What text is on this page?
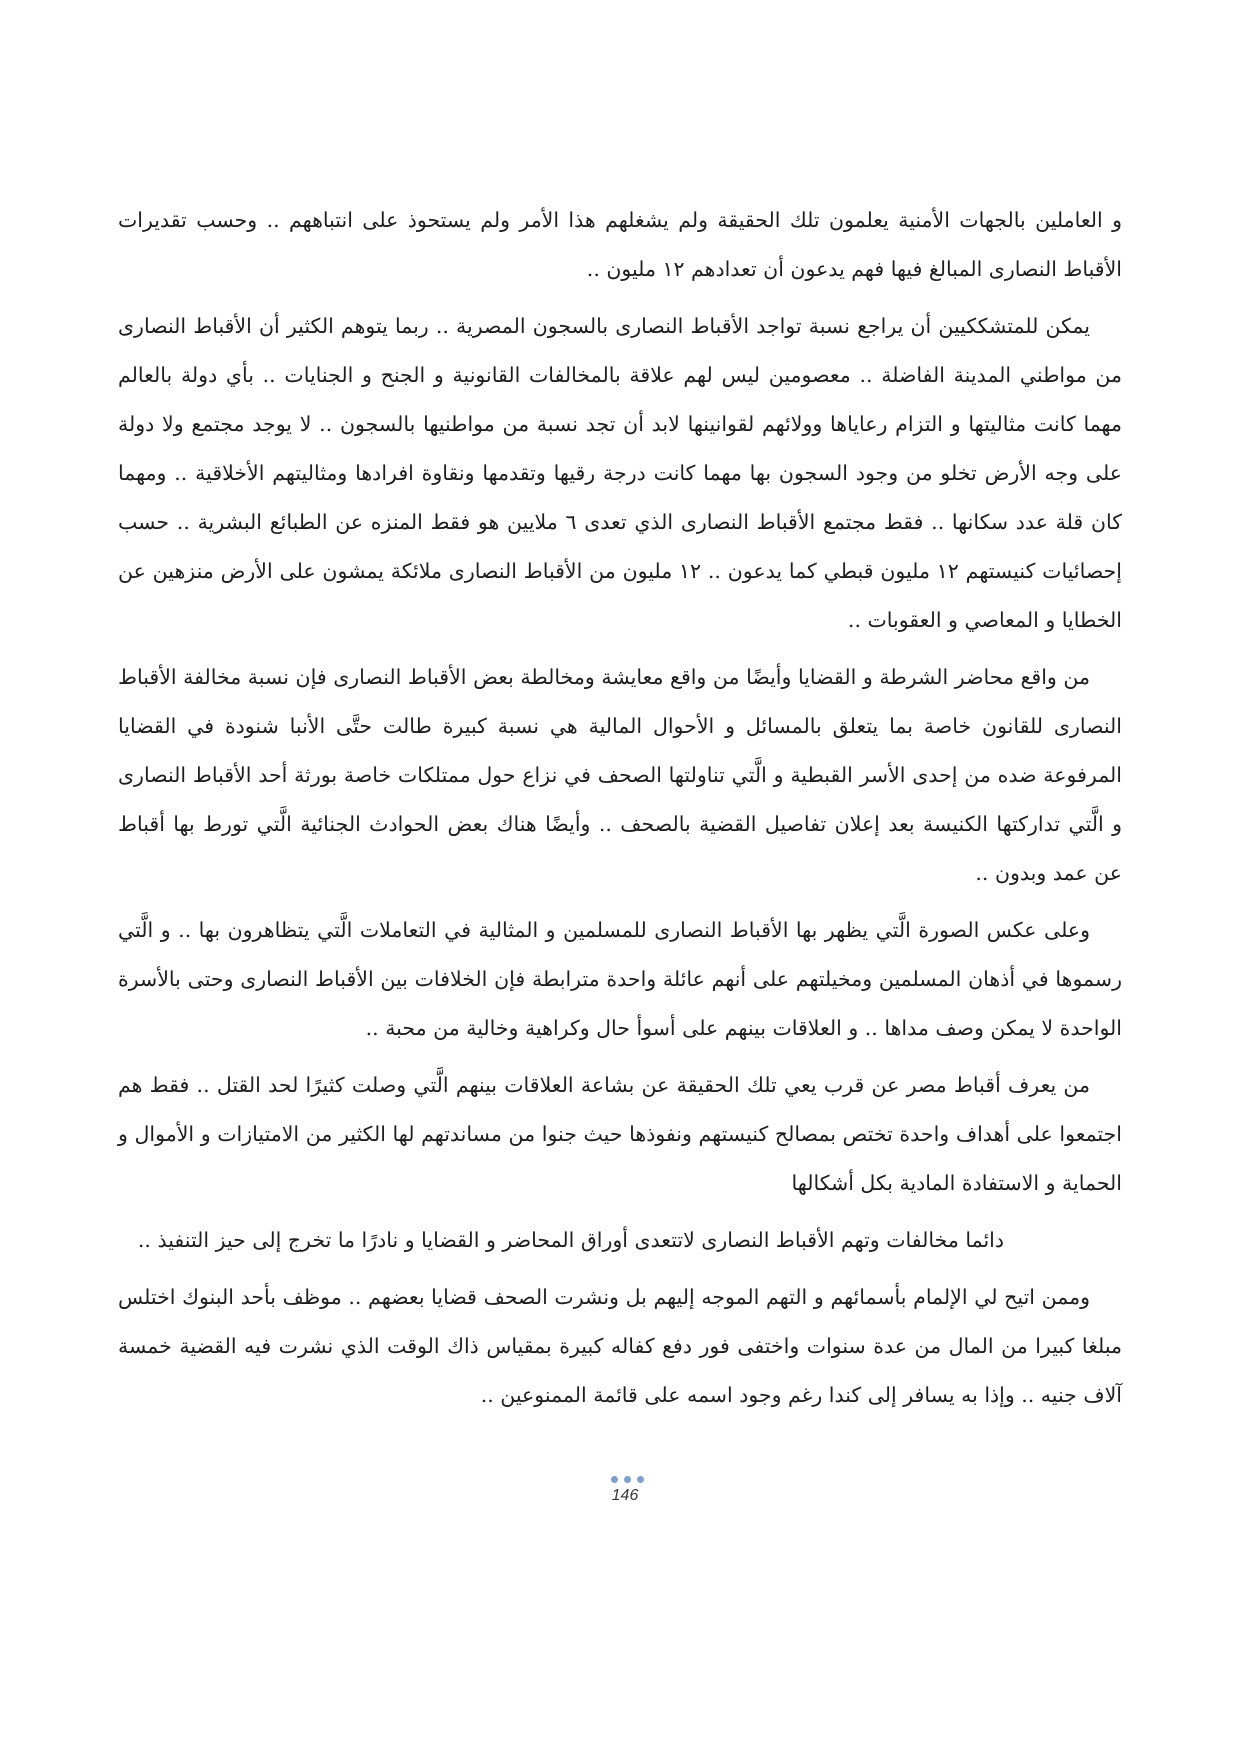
و العاملين بالجهات الأمنية يعلمون تلك الحقيقة ولم يشغلهم هذا الأمر ولم يستحوذ على انتباههم .. وحسب تقديرات الأقباط النصارى المبالغ فيها فهم يدعون أن تعدادهم ١٢ مليون ..

يمكن للمتشككيين أن يراجع نسبة تواجد الأقباط النصارى بالسجون المصرية .. ربما يتوهم الكثير أن الأقباط النصارى من مواطني المدينة الفاضلة .. معصومين ليس لهم علاقة بالمخالفات القانونية و الجنح و الجنايات .. بأي دولة بالعالم مهما كانت مثاليتها و التزام رعاياها وولائهم لقوانينها لابد أن تجد نسبة من مواطنيها بالسجون .. لا يوجد مجتمع ولا دولة على وجه الأرض تخلو من وجود السجون بها مهما كانت درجة رقيها وتقدمها ونقاوة افرادها ومثاليتهم الأخلاقية .. ومهما كان قلة عدد سكانها .. فقط مجتمع الأقباط النصارى الذي تعدى ٦ ملايين هو فقط المنزه عن الطبائع البشرية .. حسب إحصائيات كنيستهم ١٢ مليون قبطي كما يدعون .. ١٢ مليون من الأقباط النصارى ملائكة يمشون على الأرض منزهين عن الخطايا و المعاصي و العقوبات ..

من واقع محاضر الشرطة و القضايا وأيضًا من واقع معايشة ومخالطة بعض الأقباط النصارى فإن نسبة مخالفة الأقباط النصارى للقانون خاصة بما يتعلق بالمسائل و الأحوال المالية هي نسبة كبيرة طالت حتَّى الأنبا شنودة في القضايا المرفوعة ضده من إحدى الأسر القبطية و الَّتي تناولتها الصحف في نزاع حول ممتلكات خاصة بورثة أحد الأقباط النصارى و الَّتي تداركتها الكنيسة بعد إعلان تفاصيل القضية بالصحف .. وأيضًا هناك بعض الحوادث الجنائية الَّتي تورط بها أقباط عن عمد وبدون ..

وعلى عكس الصورة الَّتي يظهر بها الأقباط النصارى للمسلمين و المثالية في التعاملات الَّتي يتظاهرون بها .. و الَّتي رسموها في أذهان المسلمين ومخيلتهم على أنهم عائلة واحدة مترابطة فإن الخلافات بين الأقباط النصارى وحتى بالأسرة الواحدة لا يمكن وصف مداها .. و العلاقات بينهم على أسوأ حال وكراهية وخالية من محبة ..

من يعرف أقباط مصر عن قرب يعي تلك الحقيقة عن بشاعة العلاقات بينهم الَّتي وصلت كثيرًا لحد القتل .. فقط هم اجتمعوا على أهداف واحدة تختص بمصالح كنيستهم ونفوذها حيث جنوا من مساندتهم لها الكثير من الامتيازات و الأموال و الحماية و الاستفادة المادية بكل أشكالها

دائما مخالفات وتهم الأقباط النصارى لاتتعدى أوراق المحاضر و القضايا و نادرًا ما تخرج إلى حيز التنفيذ ..

وممن اتيح لي الإلمام بأسمائهم و التهم الموجه إليهم بل ونشرت الصحف قضايا بعضهم .. موظف بأحد البنوك اختلس مبلغا كبيرا من المال من عدة سنوات واختفى فور دفع كفاله كبيرة بمقياس ذاك الوقت الذي نشرت فيه القضية خمسة آلاف جنيه .. وإذا به يسافر إلى كندا رغم وجود اسمه على قائمة الممنوعين ..

146
